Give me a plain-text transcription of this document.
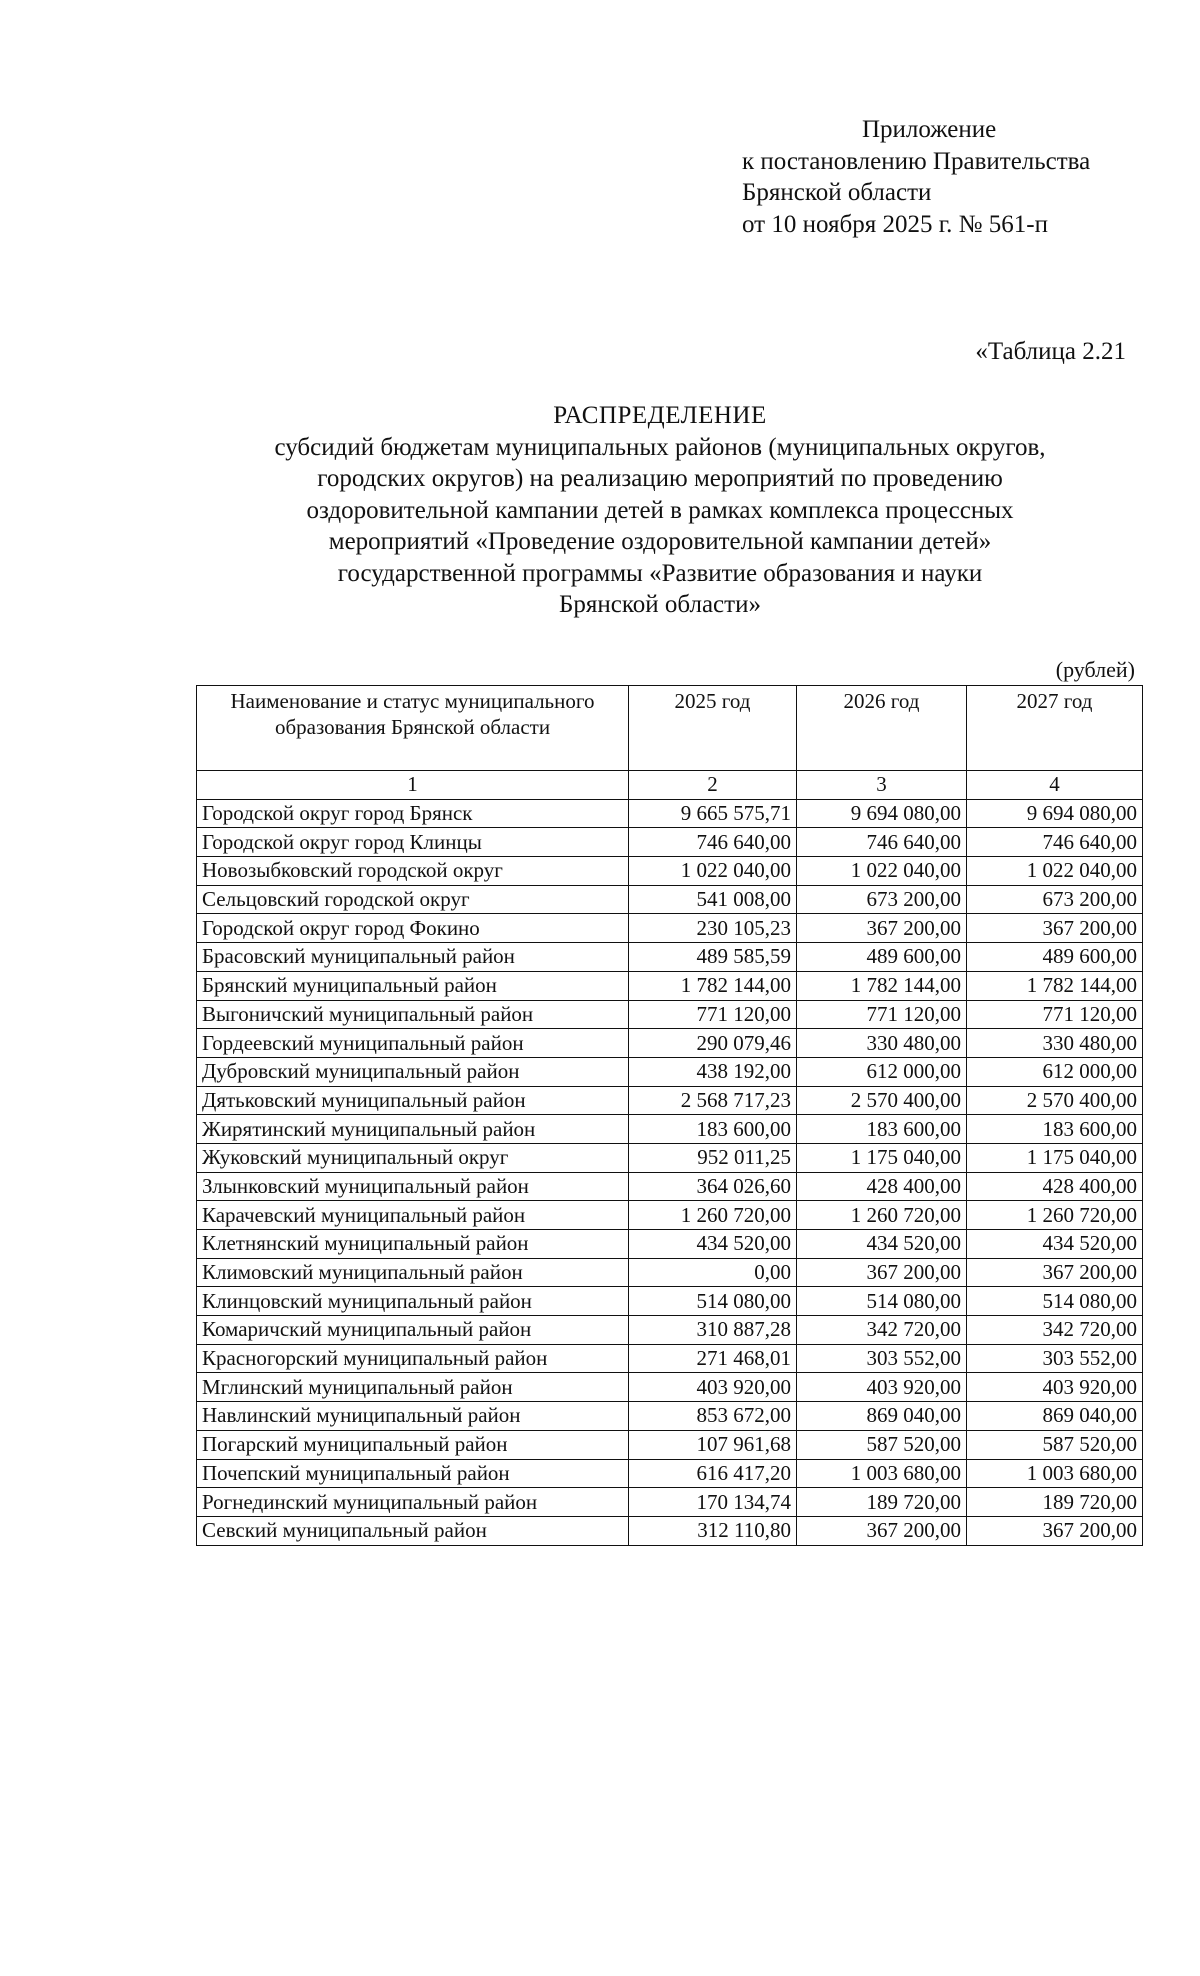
Приложение
к постановлению Правительства
Брянской области
от 10 ноября 2025 г. № 561-п
«Таблица 2.21
РАСПРЕДЕЛЕНИЕ
субсидий бюджетам муниципальных районов (муниципальных округов,
городских округов) на реализацию мероприятий по проведению
оздоровительной кампании детей в рамках комплекса процессных
мероприятий «Проведение оздоровительной кампании детей»
государственной программы «Развитие образования и науки
Брянской области»
(рублей)
Наименование и статус муниципального образования Брянской области	2025 год	2026 год	2027 год
1	2	3	4
Городской округ город Брянск	9 665 575,71	9 694 080,00	9 694 080,00
Городской округ город Клинцы	746 640,00	746 640,00	746 640,00
Новозыбковский городской округ	1 022 040,00	1 022 040,00	1 022 040,00
Сельцовский городской округ	541 008,00	673 200,00	673 200,00
Городской округ город Фокино	230 105,23	367 200,00	367 200,00
Брасовский муниципальный район	489 585,59	489 600,00	489 600,00
Брянский муниципальный район	1 782 144,00	1 782 144,00	1 782 144,00
Выгоничский муниципальный район	771 120,00	771 120,00	771 120,00
Гордеевский муниципальный район	290 079,46	330 480,00	330 480,00
Дубровский муниципальный район	438 192,00	612 000,00	612 000,00
Дятьковский муниципальный район	2 568 717,23	2 570 400,00	2 570 400,00
Жирятинский муниципальный район	183 600,00	183 600,00	183 600,00
Жуковский муниципальный округ	952 011,25	1 175 040,00	1 175 040,00
Злынковский муниципальный район	364 026,60	428 400,00	428 400,00
Карачевский муниципальный район	1 260 720,00	1 260 720,00	1 260 720,00
Клетнянский муниципальный район	434 520,00	434 520,00	434 520,00
Климовский муниципальный район	0,00	367 200,00	367 200,00
Клинцовский муниципальный район	514 080,00	514 080,00	514 080,00
Комаричский муниципальный район	310 887,28	342 720,00	342 720,00
Красногорский муниципальный район	271 468,01	303 552,00	303 552,00
Мглинский муниципальный район	403 920,00	403 920,00	403 920,00
Навлинский муниципальный район	853 672,00	869 040,00	869 040,00
Погарский муниципальный район	107 961,68	587 520,00	587 520,00
Почепский муниципальный район	616 417,20	1 003 680,00	1 003 680,00
Рогнединский муниципальный район	170 134,74	189 720,00	189 720,00
Севский муниципальный район	312 110,80	367 200,00	367 200,00
